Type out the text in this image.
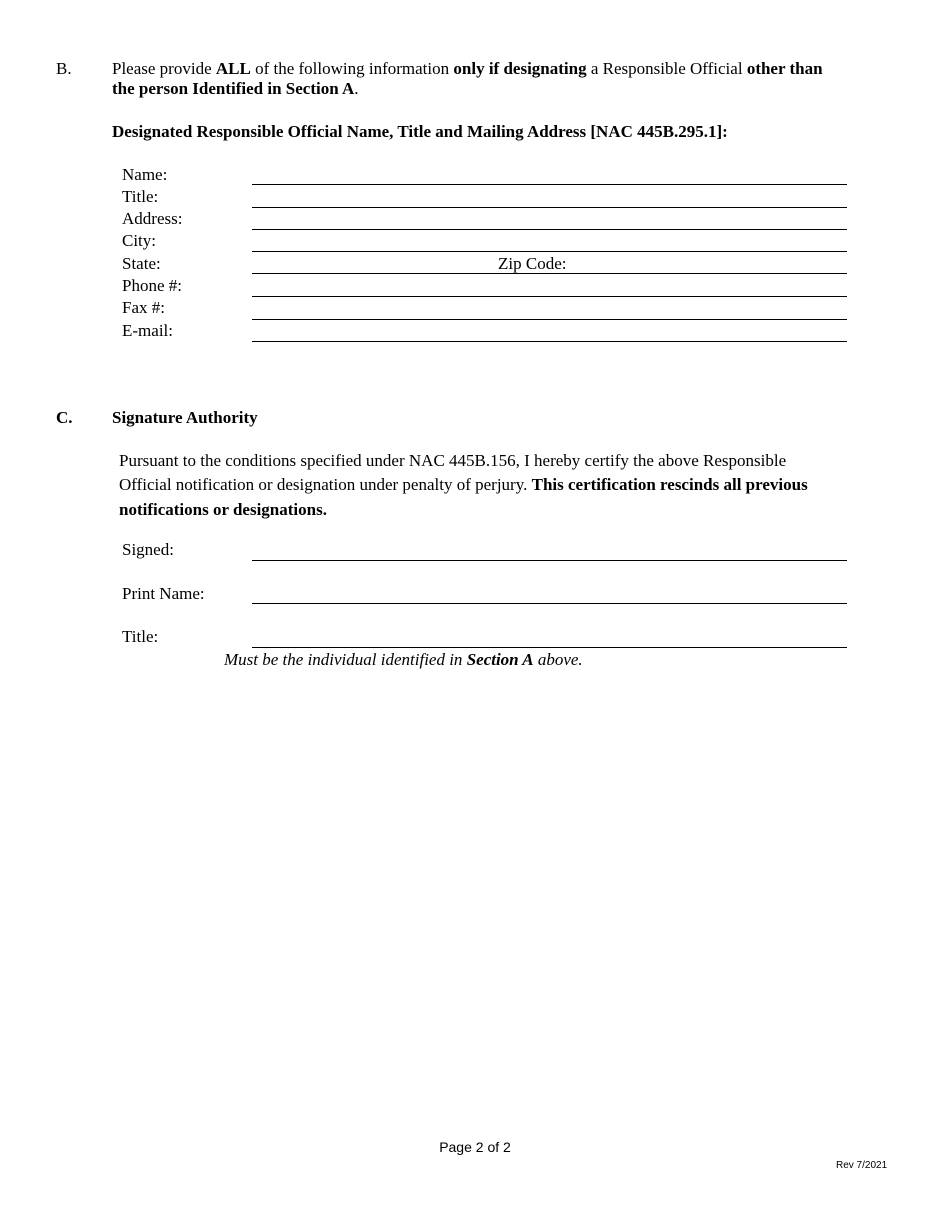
B. Please provide ALL of the following information only if designating a Responsible Official other than
the person Identified in Section A.
Designated Responsible Official Name, Title and Mailing Address [NAC 445B.295.1]:
Name:
Title:
Address:
City:
State:	Zip Code:
Phone #:
Fax #:
E-mail:
C. Signature Authority
Pursuant to the conditions specified under NAC 445B.156, I hereby certify the above Responsible
Official notification or designation under penalty of perjury. This certification rescinds all previous
notifications or designations.
Signed:
Print Name:
Title:
Must be the individual identified in Section A above.
Page 2 of 2
Rev 7/2021
